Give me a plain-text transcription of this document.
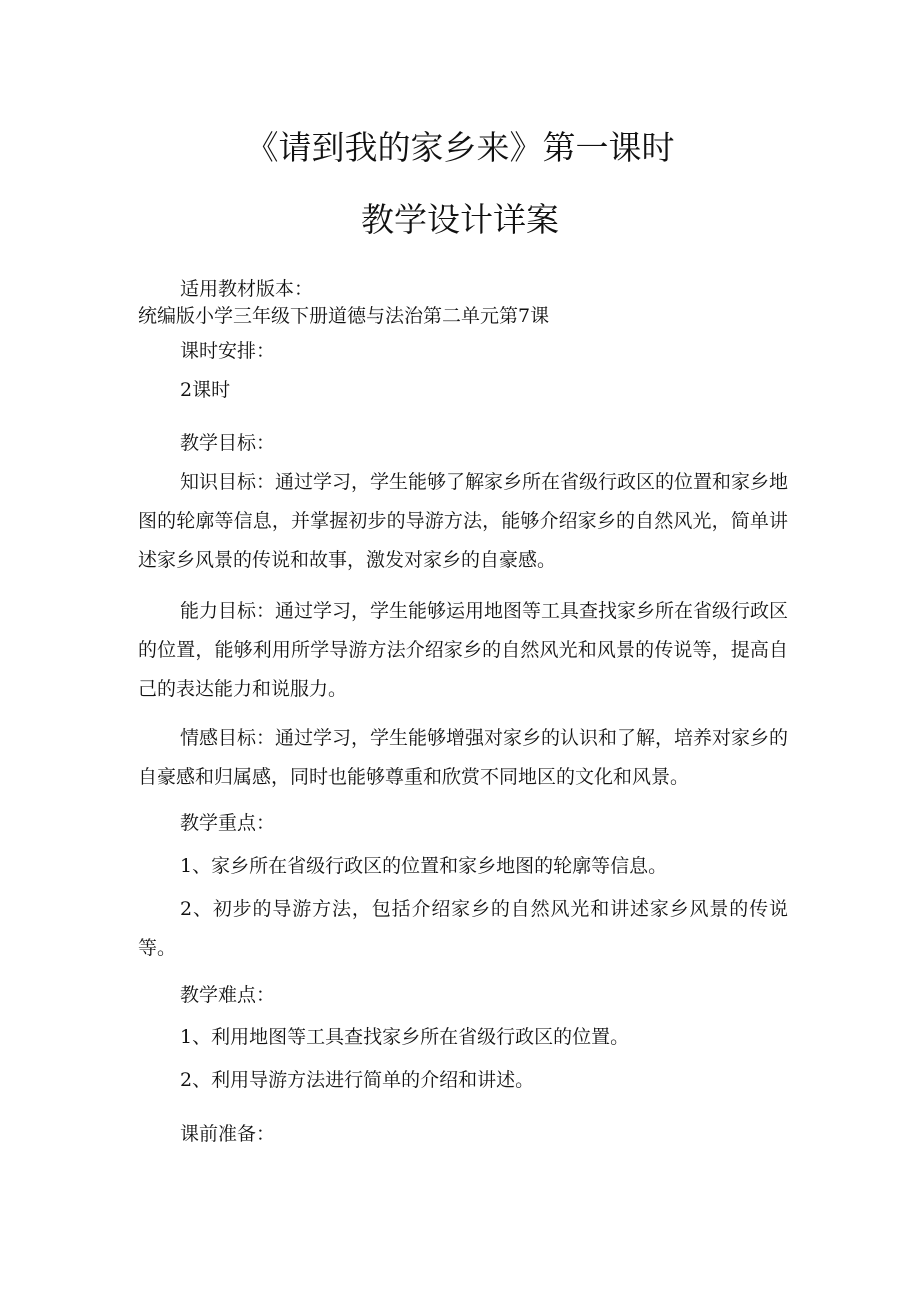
《请到我的家乡来》第一课时
教学设计详案

适用教材版本：

统编版小学三年级下册道德与法治第二单元第7课

课时安排：

2课时

教学目标：

知识目标：通过学习，学生能够了解家乡所在省级行政区的位置和家乡地图的轮廓等信息，并掌握初步的导游方法，能够介绍家乡的自然风光，简单讲述家乡风景的传说和故事，激发对家乡的自豪感。

能力目标：通过学习，学生能够运用地图等工具查找家乡所在省级行政区的位置，能够利用所学导游方法介绍家乡的自然风光和风景的传说等，提高自己的表达能力和说服力。

情感目标：通过学习，学生能够增强对家乡的认识和了解，培养对家乡的自豪感和归属感，同时也能够尊重和欣赏不同地区的文化和风景。

教学重点：

1、家乡所在省级行政区的位置和家乡地图的轮廓等信息。

2、初步的导游方法，包括介绍家乡的自然风光和讲述家乡风景的传说等。

教学难点：

1、利用地图等工具查找家乡所在省级行政区的位置。

2、利用导游方法进行简单的介绍和讲述。

课前准备：
